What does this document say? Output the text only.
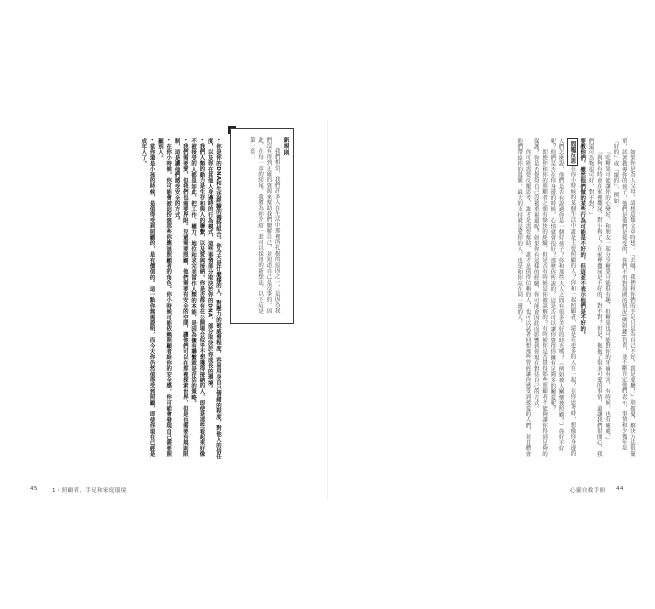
如果你是為人父母，請想這類文章時想：『丟哪，我們和你們的手足只是為自己不好，我是要廳！』別擔憂，解決方法很簡單，試著教導你的孩子，他們是他們是接受的，你們不用對周圍的情況(例如鏈)負責，並不斷肯定他們表示，事情和少幾年是『好的』或『壞的』，例如：

『吃糖果可能讓你的心變好，和朋友一起分享糖果可能很有趣，但糖果也可能對你的牙齒有害，有時候，也有壞處。』

『與狗有時會在家裡撒尿，對小狗了？在家裡撒尿是不好的，對不對？但是，抱抱了很多可愛的事情，還讓我們很開心，我們還可為物很可好，對不對？』

要教他們，雖然他們做的某些行為可能是不好的，但這並不表示他們是不好的。

問題反思在你小時候的某個生活中誰是主要照顧的人？你和一起照顧者，還是在更多的人在一起？在你思考時，想像你身邊的人們怎麼說，他們是否有說過你是一個好孩子？你和那些大人之間有很多美好的時光嗎？（例如被人關懷被照顧？）你好不好呢？他們是否在你身邊的時候，心情就會很好？那麼你所說的，這是否可以讓你覺得你擁有足夠多的關愛呢？

即便你和你的照顧者之間有愉快的經驗，但是否有時候是你被誤解的？有時候你是否覺得那些照顧者不能夠讓你得到足夠的保護？你是否覺得自己沒被重視過呢？如果你有這樣的經驗，你可能會因此而影響到你現在對待自己的方式。

你可能需要反覆思考，誰才是需要幫助、誰才是值得信賴的人，也可以試著回想那些曾經讓你感受到被愛的人們，並且體會他們帶給你的溫暖。最大的支持就是愛你的人，也是和你站在同一邊的人。

新規則

我們相信，我們許多人在生活中那裡所扎根的原因之一，是因為我們沒有得到正確的資源來幫助我們瞭解自己，並知道自己是沒事的。因此，在每一章的結尾，我將為你介紹一套可以採用的新想法，以下這是第一套：

• 你是你的DNA和生活經驗的獨特組合。你今天是什麼樣的人，對壓力的被威脅程度，容易用身自己情緒的程度，對他人的信任度，以及你在其他人身邊時的行為模式，這些事情部分取決於你的DNA，部分取決於你成長的環境。

• 我們人類的動力是生存和與人的聯繫，以及愛與接納。你是否都有在公開場合似乎不想獲得接納的人，即使是那些看起來好像不被接受的人都是如此，把工作、權力、地位和求完美當作人類的本能，是因為擁有聯繫就是存活的策略。

• 我們需要愛，但我們也需要界限。兒童需要照顧，他們需要有安全的空間，讓他們可以在那裡探索世界，但是也需要有規則限制，這是讓他們感受安全的方式。

• 在你小時候，你可能會被迫扮演那些你應該照顧者的角色。你小時候可能依賴照顧者給你的安全感，你可能會發現自己需要照顧別人。

• 當你還是小孩的時候，是值得受到照顧的，是有價值的。這一點你無需證明，而今天你仍然值得受到照顧，即使你現在已經是成年人了。

45	1・照顧者、手足和家庭環境	心靈自救手冊 44
